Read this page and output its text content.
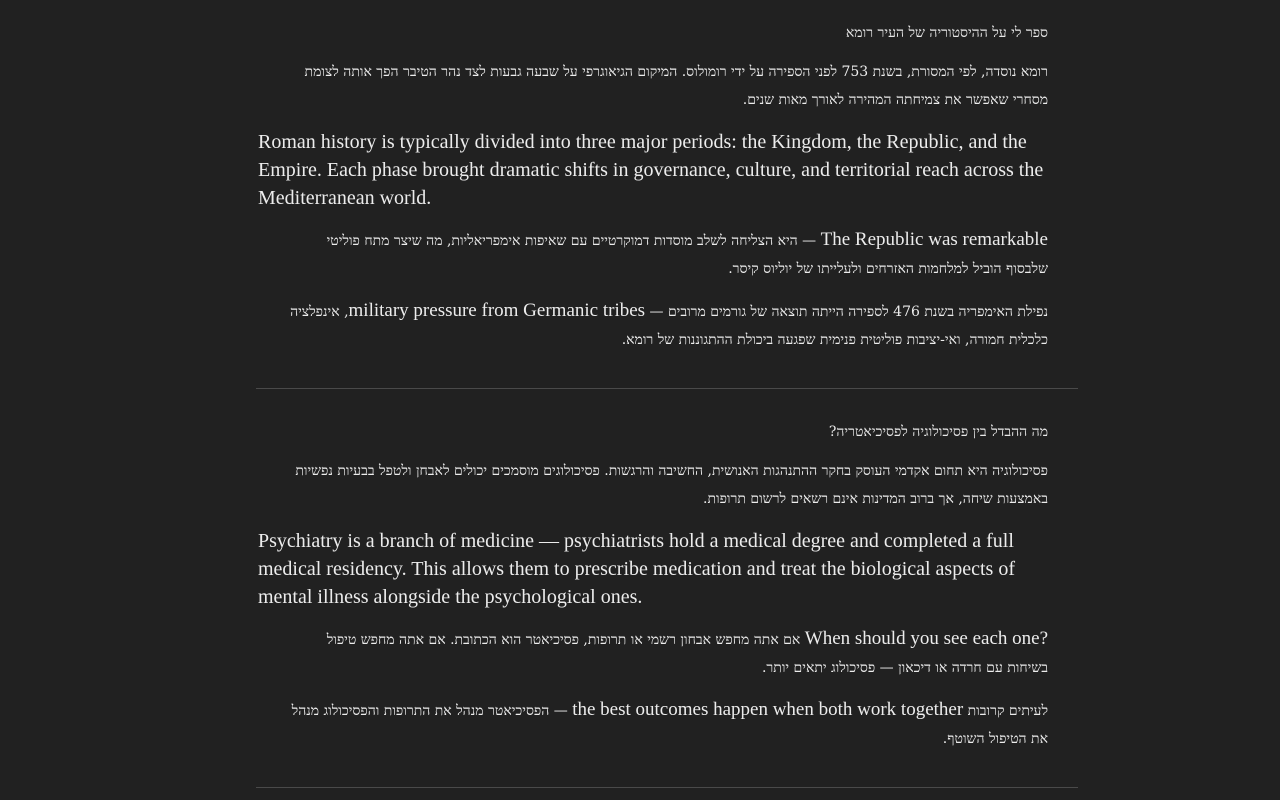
ספר לי על ההיסטוריה של העיר רומא
רומא נוסדה, לפי המסורת, בשנת 753 לפני הספירה על ידי רומולוס. המיקום הגיאוגרפי על שבעה גבעות לצד נהר הטיבר הפך אותה לצומת מסחרי שאפשר את צמיחתה המהירה לאורך מאות שנים.
Roman history is typically divided into three major periods: the Kingdom, the Republic, and the Empire. Each phase brought dramatic shifts in governance, culture, and territorial reach across the Mediterranean world.
The Republic was remarkable — היא הצליחה לשלב מוסדות דמוקרטיים עם שאיפות אימפריאליות, מה שיצר מתח פוליטי שלבסוף הוביל למלחמות האזרחים ולעלייתו של יוליוס קיסר.
נפילת האימפריה בשנת 476 לספירה הייתה תוצאה של גורמים מרובים — military pressure from Germanic tribes, אינפלציה כלכלית חמורה, ואי-יציבות פוליטית פנימית שפגעה ביכולת ההתגוננות של רומא.
מה ההבדל בין פסיכולוגיה לפסיכיאטריה?
פסיכולוגיה היא תחום אקדמי העוסק בחקר ההתנהגות האנושית, החשיבה והרגשות. פסיכולוגים מוסמכים יכולים לאבחן ולטפל בבעיות נפשיות באמצעות שיחה, אך ברוב המדינות אינם רשאים לרשום תרופות.
Psychiatry is a branch of medicine — psychiatrists hold a medical degree and completed a full medical residency. This allows them to prescribe medication and treat the biological aspects of mental illness alongside the psychological ones.
When should you see each one? אם אתה מחפש אבחון רשמי או תרופות, פסיכיאטר הוא הכתובת. אם אתה מחפש טיפול בשיחות עם חרדה או דיכאון — פסיכולוג יתאים יותר.
לעיתים קרובות the best outcomes happen when both work together — הפסיכיאטר מנהל את התרופות והפסיכולוג מנהל את הטיפול השוטף.
